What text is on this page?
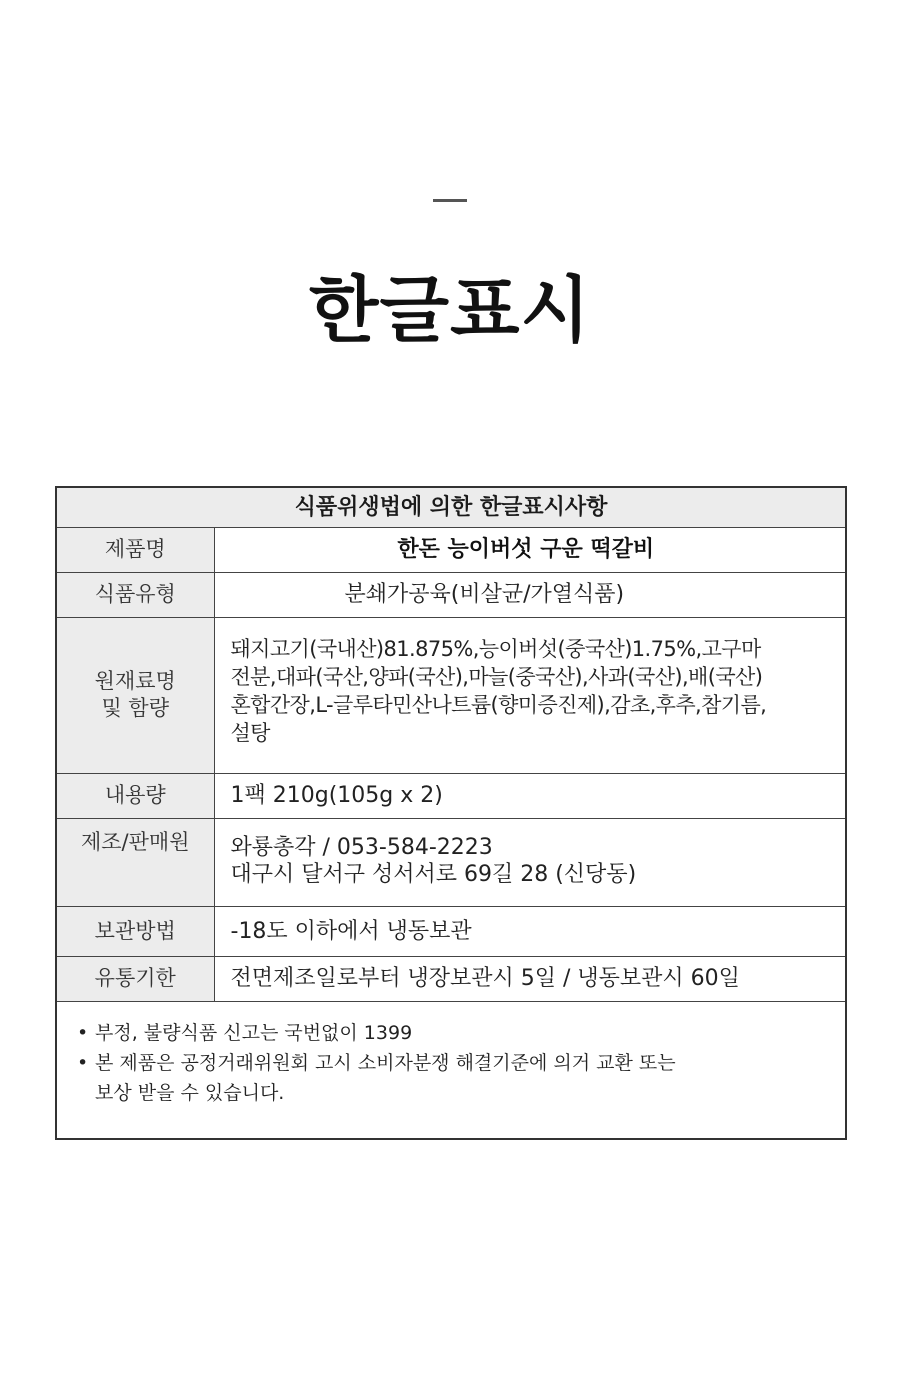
한글표시
식품위생법에 의한 한글표시사항	
제품명	한돈 능이버섯 구운 떡갈비
식품유형	분쇄가공육(비살균/가열식품)

원재료명
및 함량	돼지고기(국내산)81.875%,능이버섯(중국산)1.75%,고구마
전분,대파(국산,양파(국산),마늘(중국산),사과(국산),배(국산)
혼합간장,L-글루타민산나트륨(향미증진제),감초,후추,참기름,
설탕

내용량	1팩 210g(105g x 2)
제조/판매원	와룡총각 / 053-584-2223
대구시 달서구 성서서로 69길 28 (신당동)

보관방법	-18도 이하에서 냉동보관
유통기한	전면제조일로부터 냉장보관시 5일 / 냉동보관시 60일

• 부정, 불량식품 신고는 국번없이 1399
• 본 제품은 공정거래위원회 고시 소비자분쟁 해결기준에 의거 교환 또는
보상 받을 수 있습니다.	
